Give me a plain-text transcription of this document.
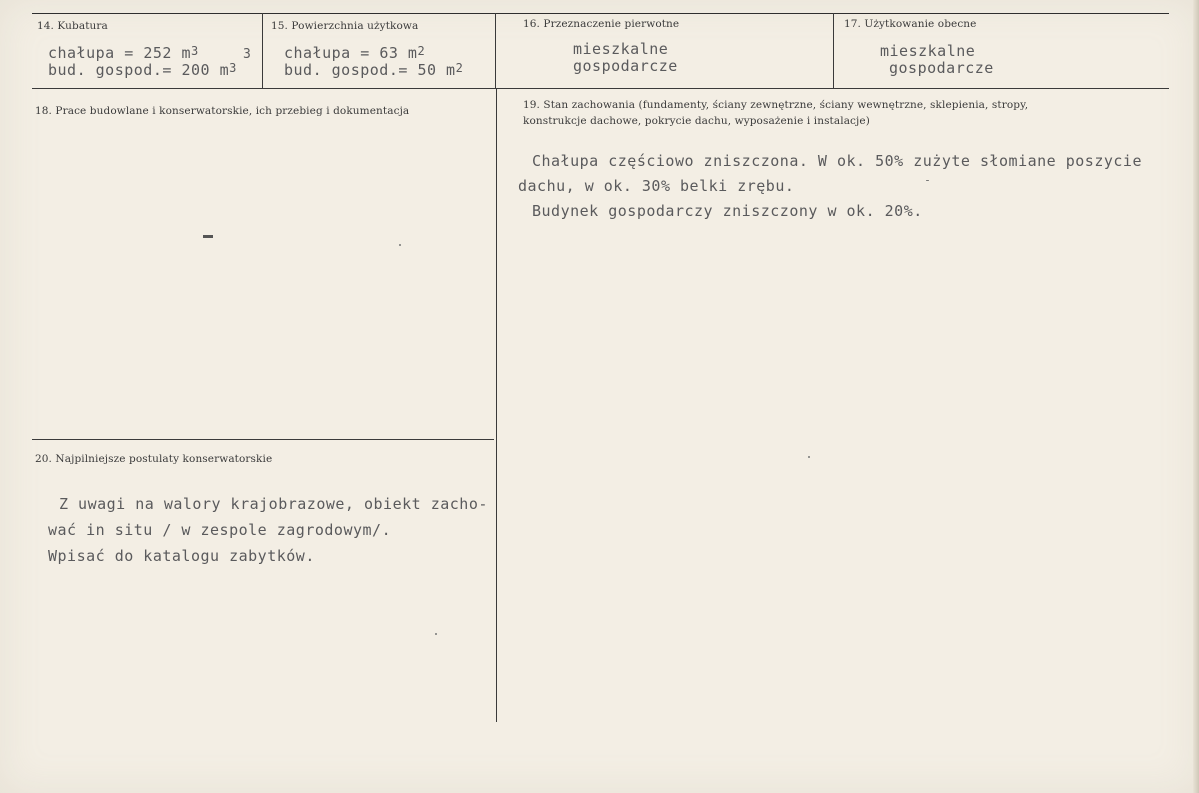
14. Kubatura
chałupa = 252 $m^3$
bud. gospod.= 200 $m^3$
3
15. Powierzchnia użytkowa
chałupa = 63 $m^2$
bud. gospod.= 50 $m^2$
16. Przeznaczenie pierwotne
mieszkalne
gospodarcze
17. Użytkowanie obecne
mieszkalne
gospodarcze
18. Prace budowlane i konserwatorskie, ich przebieg i dokumentacja	19. Stan zachowania (fundamenty, ściany zewnętrzne, ściany wewnętrzne, sklepienia, stropy,
konstrukcje dachowe, pokrycie dachu, wyposażenie i instalacje)
Chałupa częściowo zniszczona. W ok. 50% zużyte słomiane poszycie
dachu, w ok. 30% belki zrębu.
Budynek gospodarczy zniszczony w ok. 20%.
20. Najpilniejsze postulaty konserwatorskie
Z uwagi na walory krajobrazowe, obiekt zacho-
wać in situ / w zespole zagrodowym/.
Wpisać do katalogu zabytków.
